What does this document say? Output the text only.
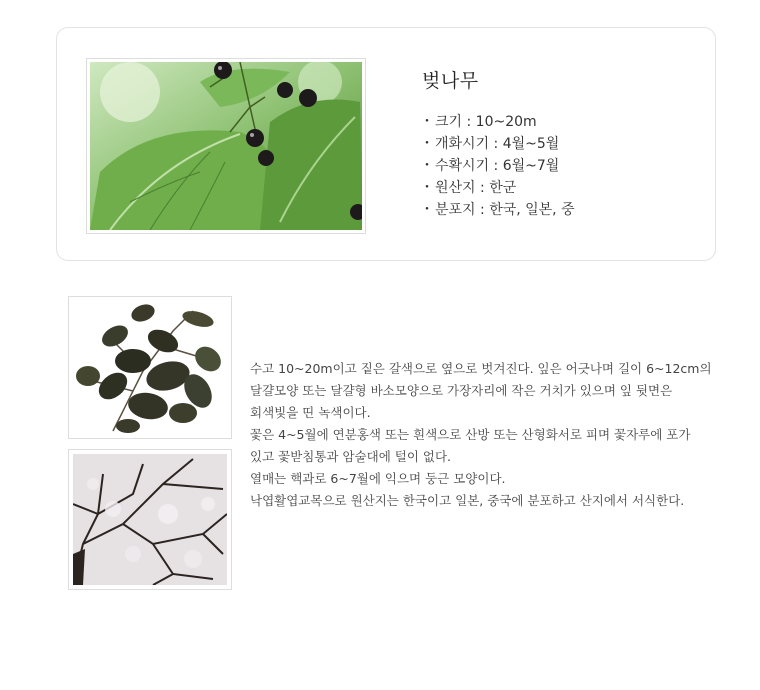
벚나무
・ 크기 : 10~20m
・ 개화시기 : 4월~5월
・ 수확시기 : 6월~7월
・ 원산지 : 한군
・ 분포지 : 한국, 일본, 중

수고 10~20m이고 짙은 갈색으로 옆으로 벗겨진다. 잎은 어긋나며 길이 6~12cm의

달걀모양 또는 달걀형 바소모양으로 가장자리에 작은 거치가 있으며 잎 뒷면은

회색빛을 띤 녹색이다.

꽃은 4~5월에 연분홍색 또는 흰색으로 산방 또는 산형화서로 피며 꽃자루에 포가

있고 꽃받침통과 암술대에 털이 없다.

열매는 핵과로 6~7월에 익으며 둥근 모양이다.

낙엽활엽교목으로 원산지는 한국이고 일본, 중국에 분포하고 산지에서 서식한다.
